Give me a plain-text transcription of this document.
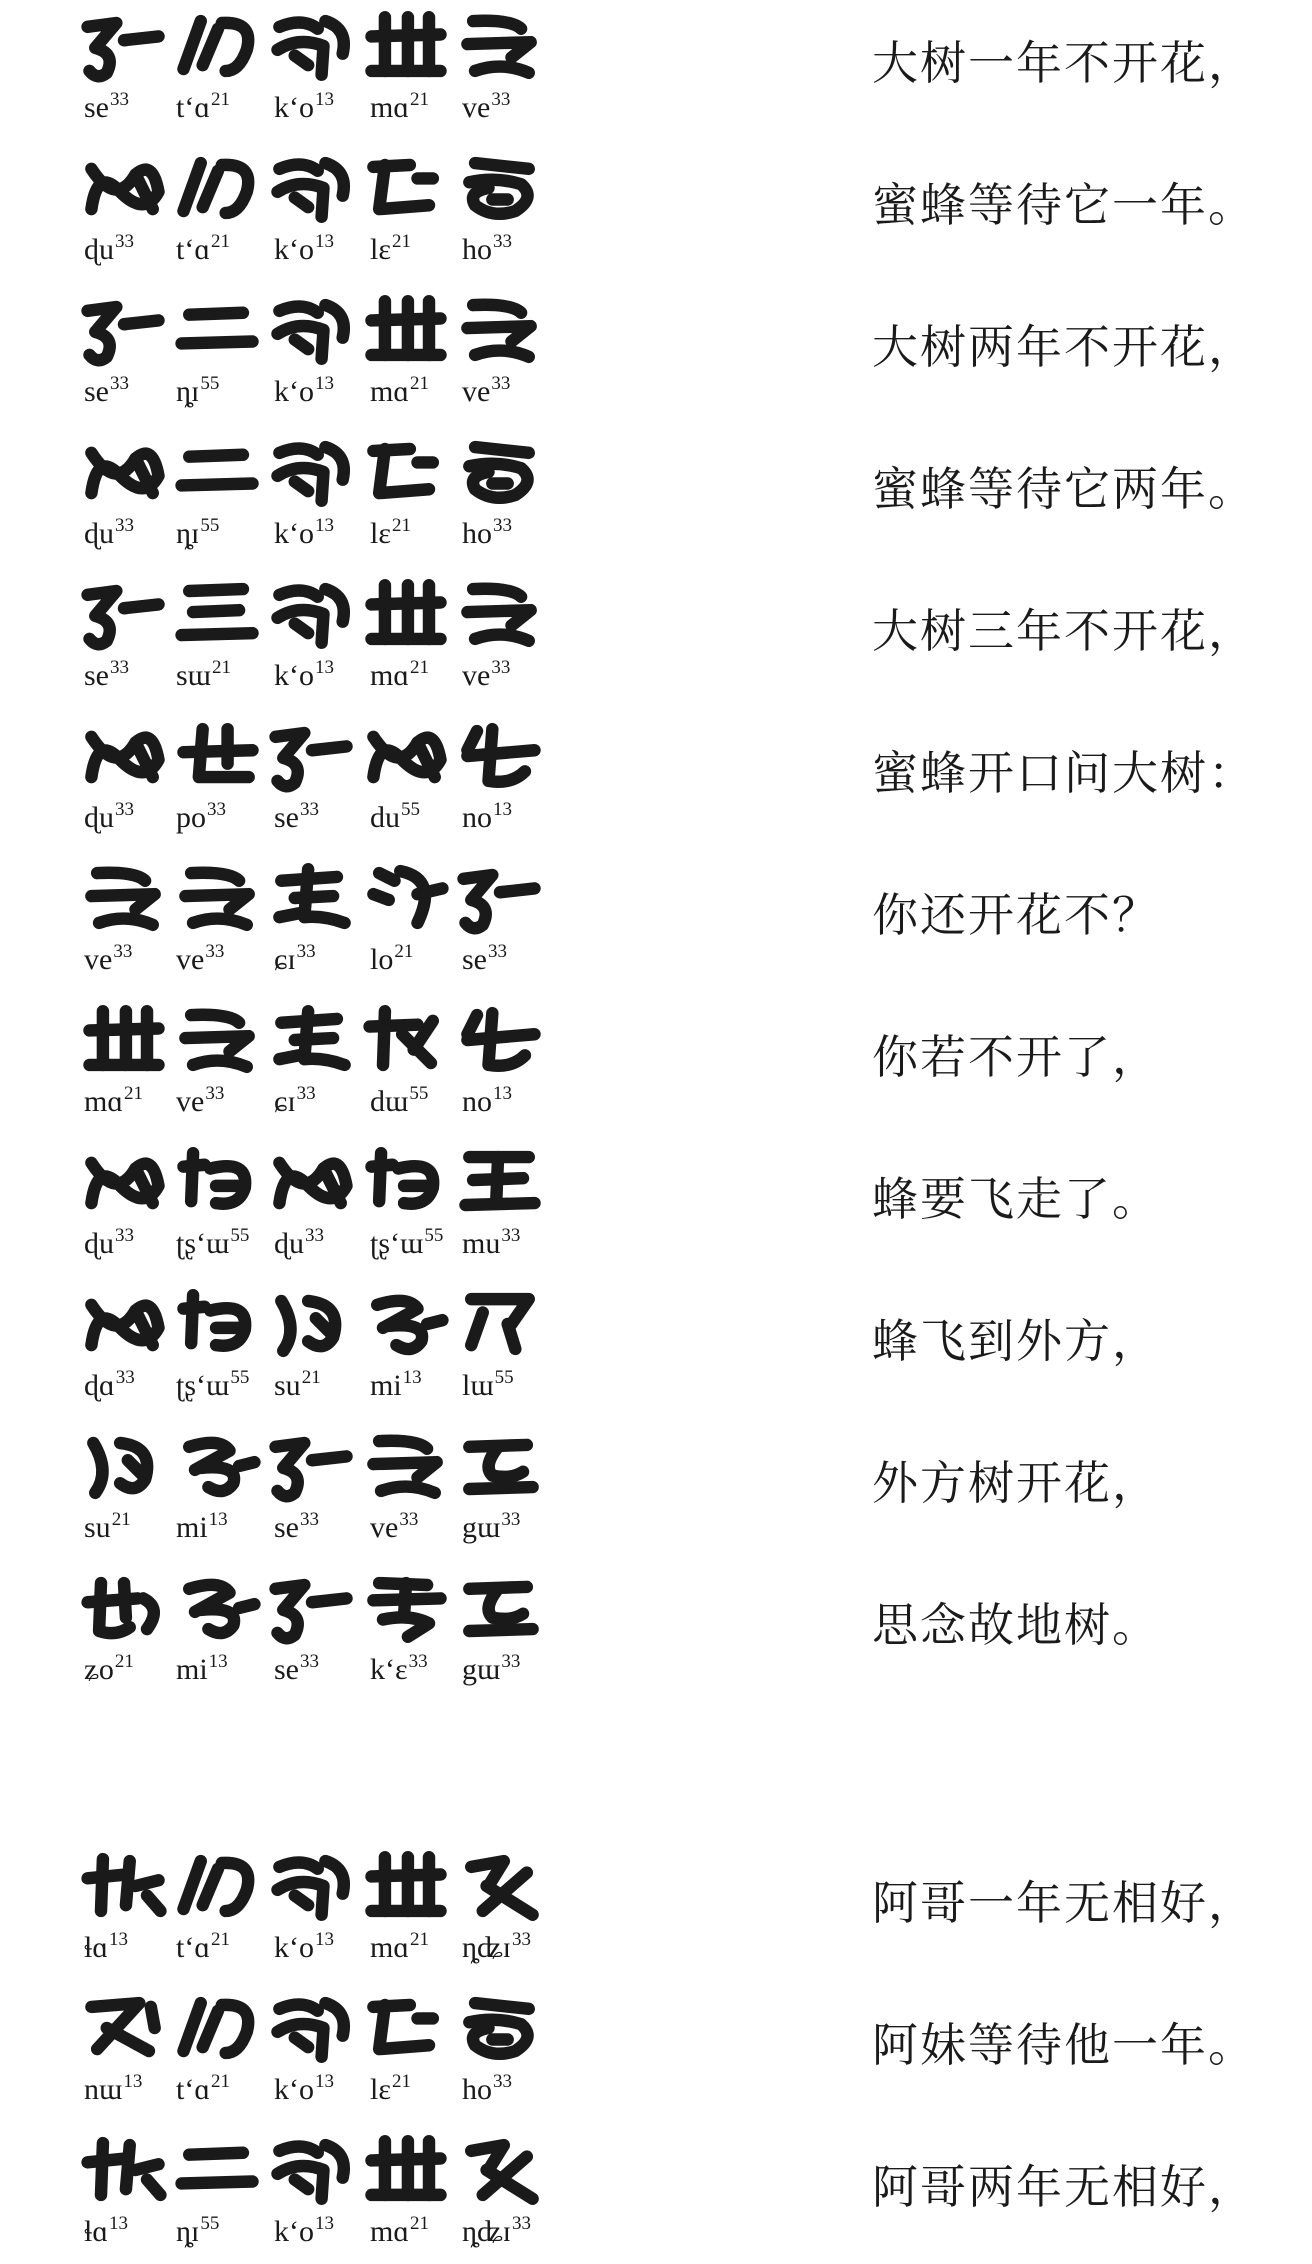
$se^{33}$ t‘ɑ$^{21}$ $k‘o^{13}$ mɑ$^{21}$ $ve^{33}$
大树一年不开花，
ɖu$^{33}$ t‘ɑ$^{21}$ $k‘o^{13}$ lɛ$^{21}$ $ho^{33}$
蜜蜂等待它一年。
$se^{33}$ ȵɪ$^{55}$ $k‘o^{13}$ mɑ$^{21}$ $ve^{33}$
大树两年不开花，
ɖu$^{33}$ ȵɪ$^{55}$ $k‘o^{13}$ lɛ$^{21}$ $ho^{33}$
蜜蜂等待它两年。
$se^{33}$ sɯ$^{21}$ $k‘o^{13}$ mɑ$^{21}$ $ve^{33}$
大树三年不开花，
ɖu$^{33}$ $po^{33}$ $se^{33}$ $du^{55}$ $no^{13}$
蜜蜂开口问大树：
$ve^{33}$ $ve^{33}$ ɕɪ$^{33}$ $lo^{21}$ $se^{33}$
你还开花不？
mɑ$^{21}$ $ve^{33}$ ɕɪ$^{33}$ dɯ$^{55}$ $no^{13}$
你若不开了，
ɖu$^{33}$ ʈʂ‘ɯ$^{55}$ ɖu$^{33}$ ʈʂ‘ɯ$^{55}$ $mu^{33}$
蜂要飞走了。
ɖɑ$^{33}$ ʈʂ‘ɯ$^{55}$ $su^{21}$ $mi^{13}$ lɯ$^{55}$
蜂飞到外方，
$su^{21}$ $mi^{13}$ $se^{33}$ $ve^{33}$ gɯ$^{33}$
外方树开花，
ʑo$^{21}$ $mi^{13}$ $se^{33}$ k‘ɛ$^{33}$ gɯ$^{33}$
思念故地树。
ɬɑ$^{13}$ t‘ɑ$^{21}$ $k‘o^{13}$ mɑ$^{21}$ ȵʥɪ$^{33}$
阿哥一年无相好，
nɯ$^{13}$ t‘ɑ$^{21}$ $k‘o^{13}$ lɛ$^{21}$ $ho^{33}$
阿妹等待他一年。
ɬɑ$^{13}$ ȵɪ$^{55}$ $k‘o^{13}$ mɑ$^{21}$ ȵʥɪ$^{33}$
阿哥两年无相好，
